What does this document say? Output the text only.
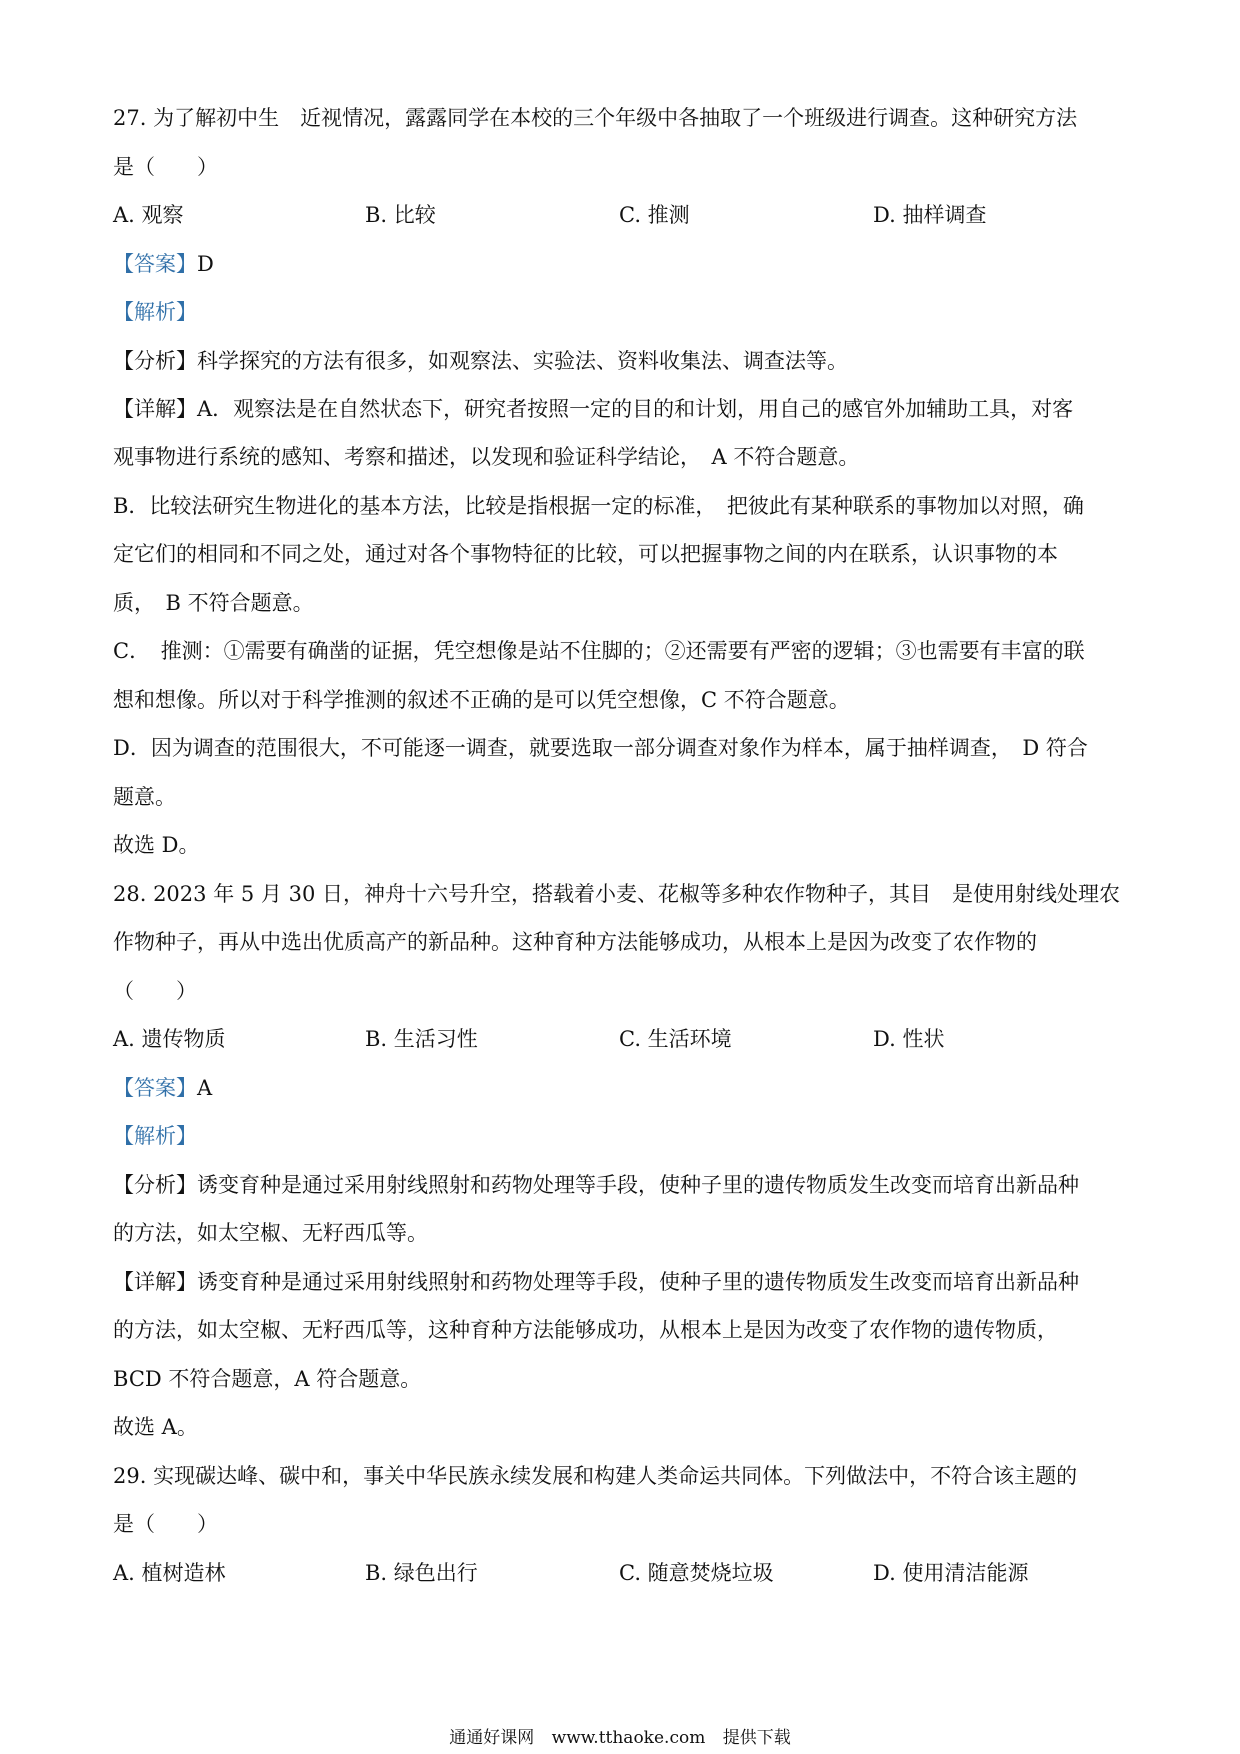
27. 为了解初中生　近视情况，露露同学在本校的三个年级中各抽取了一个班级进行调查。这种研究方法
是（　　）
A. 观察	B. 比较	C. 推测	D. 抽样调查
【答案】D
【解析】
【分析】科学探究的方法有很多，如观察法、实验法、资料收集法、调查法等。
【详解】A．观察法是在自然状态下，研究者按照一定的目的和计划，用自己的感官外加辅助工具，对客
观事物进行系统的感知、考察和描述，以发现和验证科学结论，　A 不符合题意。
B．比较法研究生物进化的基本方法，比较是指根据一定的标准，　把彼此有某种联系的事物加以对照，确
定它们的相同和不同之处，通过对各个事物特征的比较，可以把握事物之间的内在联系，认识事物的本
质，　B 不符合题意。
C．　推测：①需要有确凿的证据，凭空想像是站不住脚的；②还需要有严密的逻辑；③也需要有丰富的联
想和想像。所以对于科学推测的叙述不正确的是可以凭空想像，C 不符合题意。
D．因为调查的范围很大，不可能逐一调查，就要选取一部分调查对象作为样本，属于抽样调查，　D 符合
题意。
故选 D。
28. 2023 年 5 月 30 日，神舟十六号升空，搭载着小麦、花椒等多种农作物种子，其目　是使用射线处理农
作物种子，再从中选出优质高产的新品种。这种育种方法能够成功，从根本上是因为改变了农作物的
（　　）
A. 遗传物质	B. 生活习性	C. 生活环境	D. 性状
【答案】A
【解析】
【分析】诱变育种是通过采用射线照射和药物处理等手段，使种子里的遗传物质发生改变而培育出新品种
的方法，如太空椒、无籽西瓜等。
【详解】诱变育种是通过采用射线照射和药物处理等手段，使种子里的遗传物质发生改变而培育出新品种
的方法，如太空椒、无籽西瓜等，这种育种方法能够成功，从根本上是因为改变了农作物的遗传物质，
BCD 不符合题意，A 符合题意。
故选 A。
29. 实现碳达峰、碳中和，事关中华民族永续发展和构建人类命运共同体。下列做法中，不符合该主题的
是（　　）
A. 植树造林	B. 绿色出行	C. 随意焚烧垃圾	D. 使用清洁能源
通通好课网 www.tthaoke.com 提供下载
